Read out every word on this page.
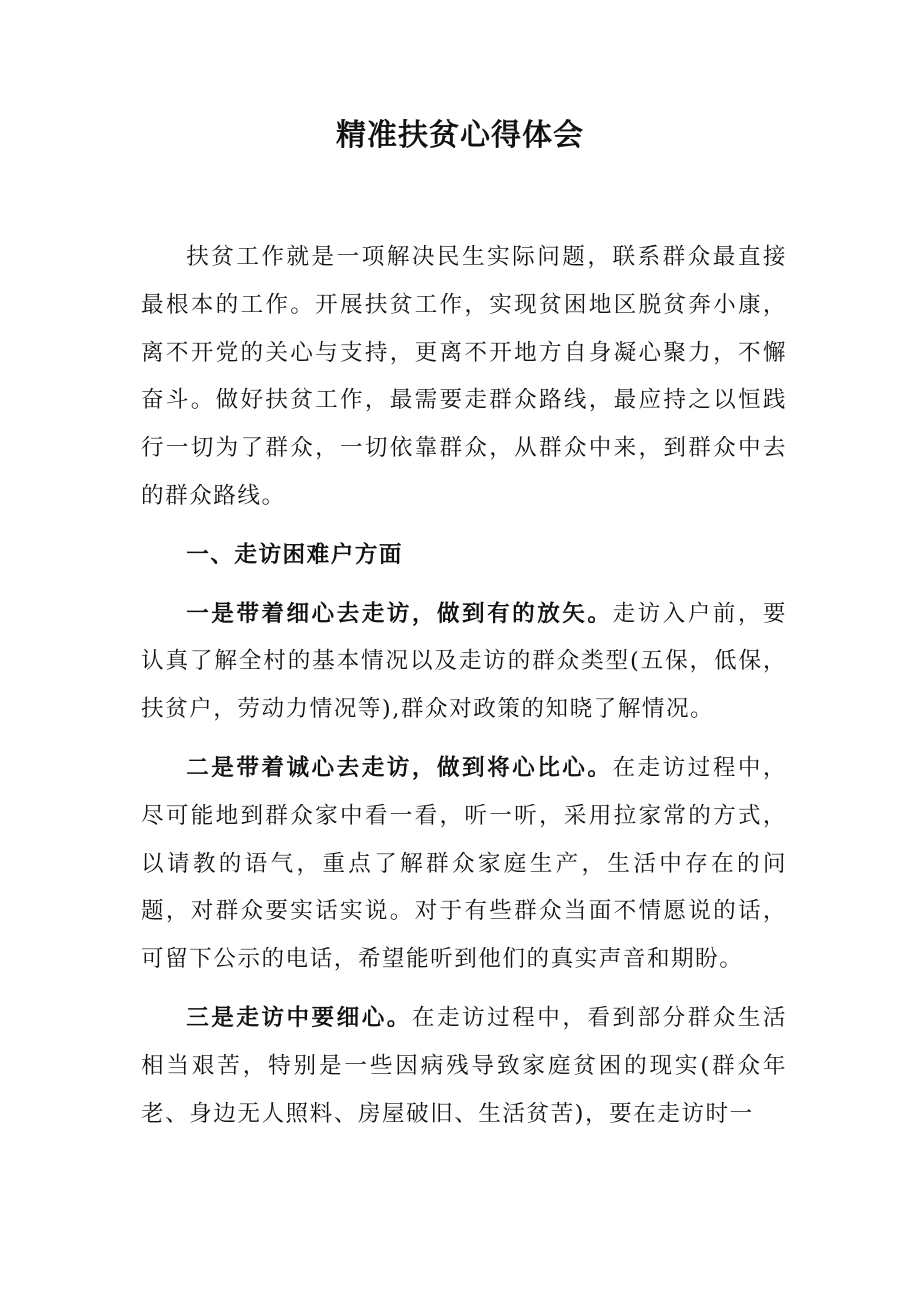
精准扶贫心得体会

扶贫工作就是一项解决民生实际问题，联系群众最直接最根本的工作。开展扶贫工作，实现贫困地区脱贫奔小康，离不开党的关心与支持，更离不开地方自身凝心聚力，不懈奋斗。做好扶贫工作，最需要走群众路线，最应持之以恒践行一切为了群众，一切依靠群众，从群众中来，到群众中去的群众路线。

一、走访困难户方面

一是带着细心去走访，做到有的放矢。走访入户前，要认真了解全村的基本情况以及走访的群众类型(五保，低保，扶贫户，劳动力情况等),群众对政策的知晓了解情况。

二是带着诚心去走访，做到将心比心。在走访过程中，尽可能地到群众家中看一看，听一听，采用拉家常的方式，以请教的语气，重点了解群众家庭生产，生活中存在的问题，对群众要实话实说。对于有些群众当面不情愿说的话，可留下公示的电话，希望能听到他们的真实声音和期盼。

三是走访中要细心。在走访过程中，看到部分群众生活相当艰苦，特别是一些因病残导致家庭贫困的现实(群众年老、身边无人照料、房屋破旧、生活贫苦)，要在走访时一
